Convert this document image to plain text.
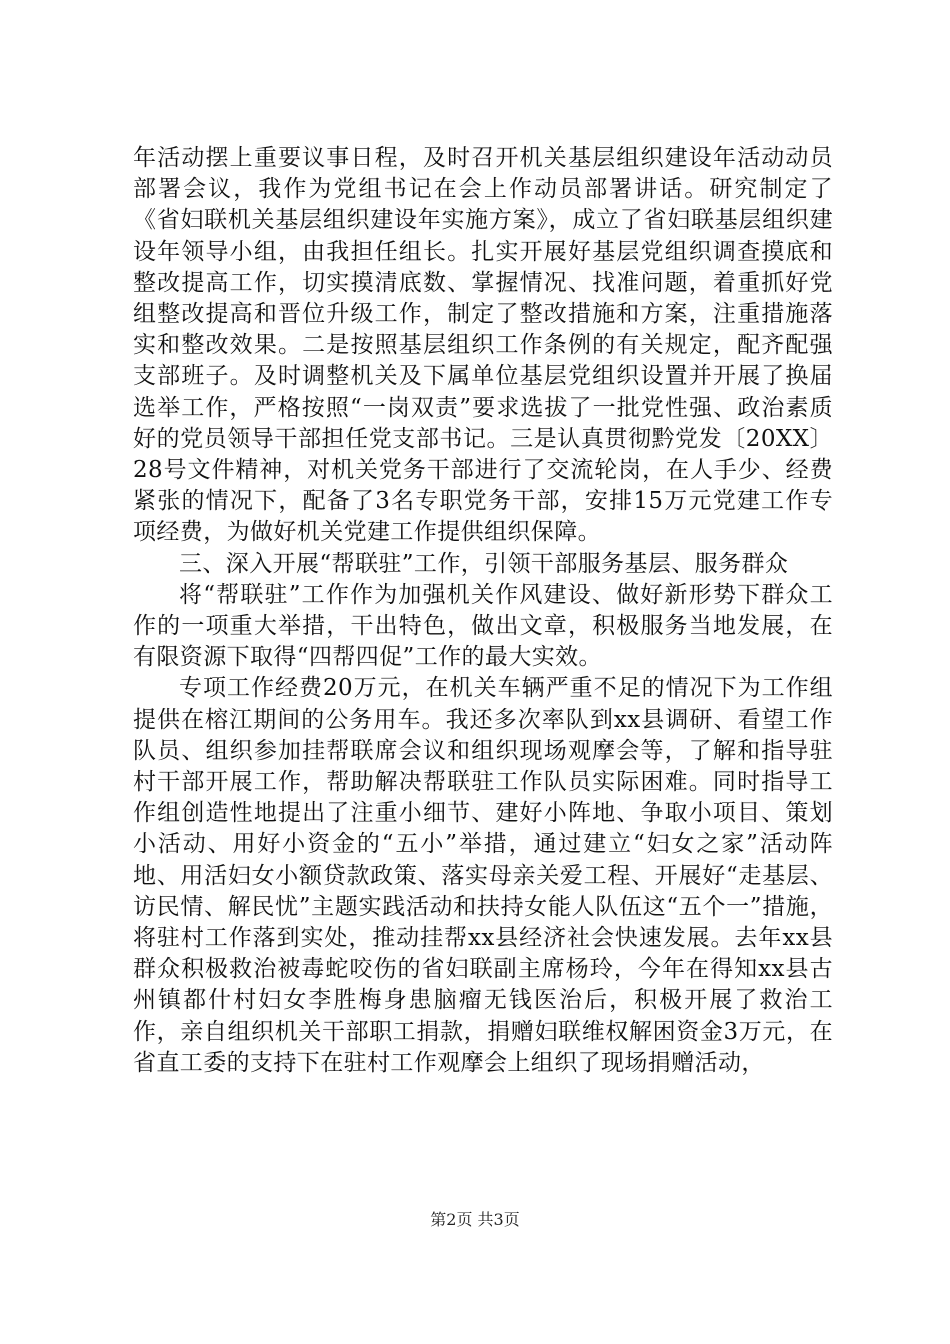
年活动摆上重要议事日程，及时召开机关基层组织建设年活动动员部署会议，我作为党组书记在会上作动员部署讲话。研究制定了《省妇联机关基层组织建设年实施方案》，成立了省妇联基层组织建设年领导小组，由我担任组长。扎实开展好基层党组织调查摸底和整改提高工作，切实摸清底数、掌握情况、找准问题，着重抓好党组整改提高和晋位升级工作，制定了整改措施和方案，注重措施落实和整改效果。二是按照基层组织工作条例的有关规定，配齐配强支部班子。及时调整机关及下属单位基层党组织设置并开展了换届选举工作，严格按照“一岗双责”要求选拔了一批党性强、政治素质好的党员领导干部担任党支部书记。三是认真贯彻黔党发〔20XX〕28号文件精神，对机关党务干部进行了交流轮岗，在人手少、经费紧张的情况下，配备了3名专职党务干部，安排15万元党建工作专项经费，为做好机关党建工作提供组织保障。

三、深入开展“帮联驻”工作，引领干部服务基层、服务群众

将“帮联驻”工作作为加强机关作风建设、做好新形势下群众工作的一项重大举措，干出特色，做出文章，积极服务当地发展，在有限资源下取得“四帮四促”工作的最大实效。

专项工作经费20万元，在机关车辆严重不足的情况下为工作组提供在榕江期间的公务用车。我还多次率队到xx县调研、看望工作队员、组织参加挂帮联席会议和组织现场观摩会等，了解和指导驻村干部开展工作，帮助解决帮联驻工作队员实际困难。同时指导工作组创造性地提出了注重小细节、建好小阵地、争取小项目、策划小活动、用好小资金的“五小”举措，通过建立“妇女之家”活动阵地、用活妇女小额贷款政策、落实母亲关爱工程、开展好“走基层、访民情、解民忧”主题实践活动和扶持女能人队伍这“五个一”措施，将驻村工作落到实处，推动挂帮xx县经济社会快速发展。去年xx县群众积极救治被毒蛇咬伤的省妇联副主席杨玲，今年在得知xx县古州镇都什村妇女李胜梅身患脑瘤无钱医治后，积极开展了救治工作，亲自组织机关干部职工捐款，捐赠妇联维权解困资金3万元，在省直工委的支持下在驻村工作观摩会上组织了现场捐赠活动，

第2页 共3页
